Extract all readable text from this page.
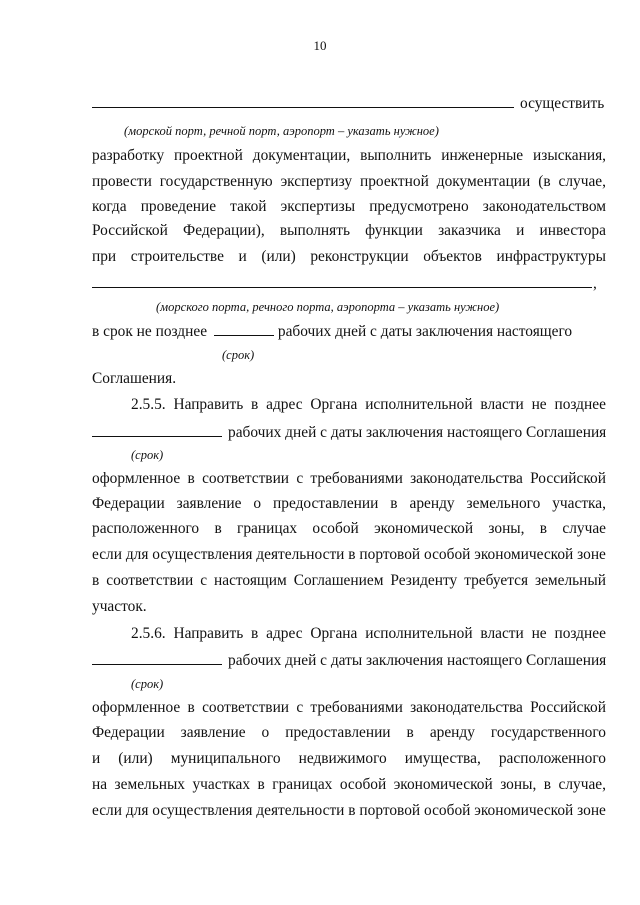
10
осуществить
(морской порт, речной порт, аэропорт – указать нужное)
разработку проектной документации, выполнить инженерные изыскания,
провести государственную экспертизу проектной документации (в случае,
когда проведение такой экспертизы предусмотрено законодательством
Российской Федерации), выполнять функции заказчика и инвестора
при строительстве и (или) реконструкции объектов инфраструктуры
,
(морского порта, речного порта, аэропорта – указать нужное)
в срок не позднее	рабочих дней с даты заключения настоящего
(срок)
Соглашения.
2.5.5. Направить в адрес Органа исполнительной власти не позднее
рабочих дней с даты заключения настоящего Соглашения
(срок)
оформленное в соответствии с требованиями законодательства Российской
Федерации заявление о предоставлении в аренду земельного участка,
расположенного в границах особой экономической зоны, в случае
если для осуществления деятельности в портовой особой экономической зоне
в соответствии с настоящим Соглашением Резиденту требуется земельный
участок.
2.5.6. Направить в адрес Органа исполнительной власти не позднее
рабочих дней с даты заключения настоящего Соглашения
(срок)
оформленное в соответствии с требованиями законодательства Российской
Федерации заявление о предоставлении в аренду государственного
и (или) муниципального недвижимого имущества, расположенного
на земельных участках в границах особой экономической зоны, в случае,
если для осуществления деятельности в портовой особой экономической зоне
